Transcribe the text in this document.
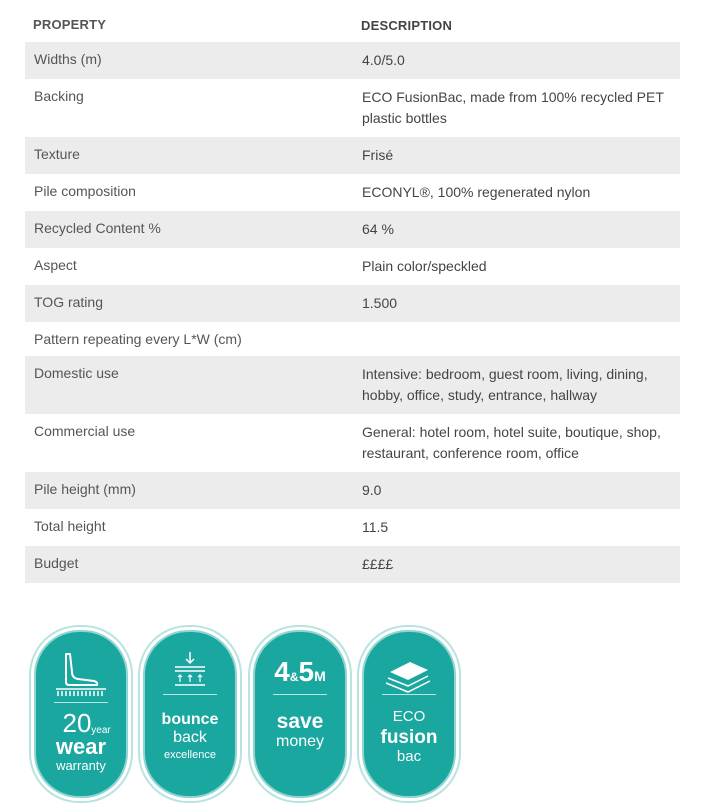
PROPERTY	DESCRIPTION
Widths (m)	4.0/5.0
Backing	ECO FusionBac, made from 100% recycled PET plastic bottles
Texture	Frisé
Pile composition	ECONYL®, 100% regenerated nylon
Recycled Content %	64 %
Aspect	Plain color/speckled
TOG rating	1.500
Pattern repeating every L*W (cm)
Domestic use	Intensive: bedroom, guest room, living, dining, hobby, office, study, entrance, hallway
Commercial use	General: hotel room, hotel suite, boutique, shop, restaurant, conference room, office
Pile height (mm)	9.0
Total height	11.5
Budget	££££
20 year
wear
warranty
bounce
back
excellence
4&5M
save
money
ECO
fusion
bac
